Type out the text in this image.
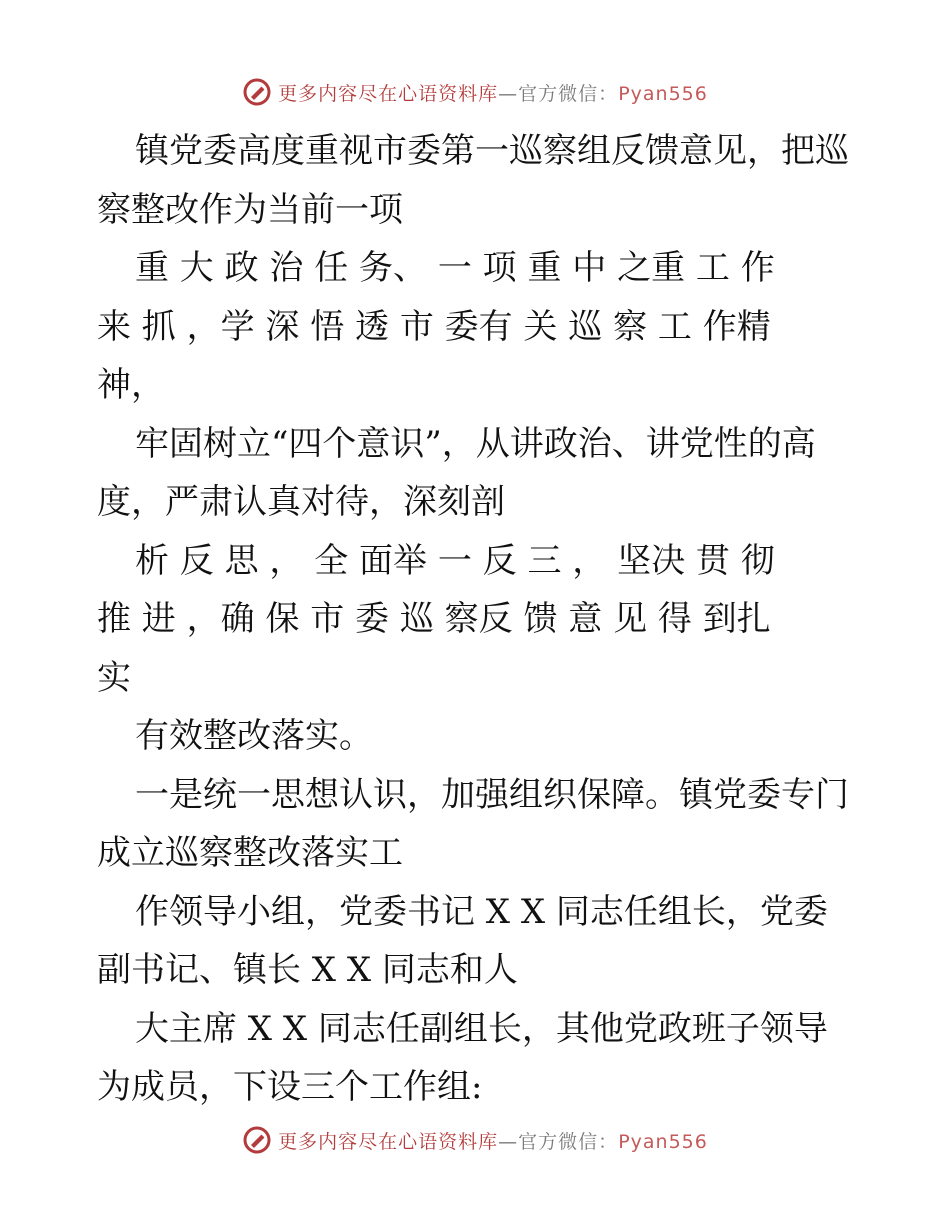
更多内容尽在心语资料库—官方微信：Pyan556
镇党委高度重视市委第一巡察组反馈意见，把巡
察整改作为当前一项
重 大 政 治 任 务、 一 项 重 中 之重 工 作
来 抓 ，学 深 悟 透 市 委有 关 巡 察 工 作精
神，
牢固树立“四个意识”，从讲政治、讲党性的高
度，严肃认真对待，深刻剖
析 反 思 ， 全 面举 一 反 三 ， 坚决 贯 彻
推 进 ，确 保 市 委 巡 察反 馈 意 见 得 到扎
实
有效整改落实。
一是统一思想认识，加强组织保障。镇党委专门
成立巡察整改落实工
作领导小组，党委书记 X X 同志任组长，党委
副书记、镇长 X X 同志和人
大主席 X X 同志任副组长，其他党政班子领导
为成员，下设三个工作组:
更多内容尽在心语资料库—官方微信：Pyan556
